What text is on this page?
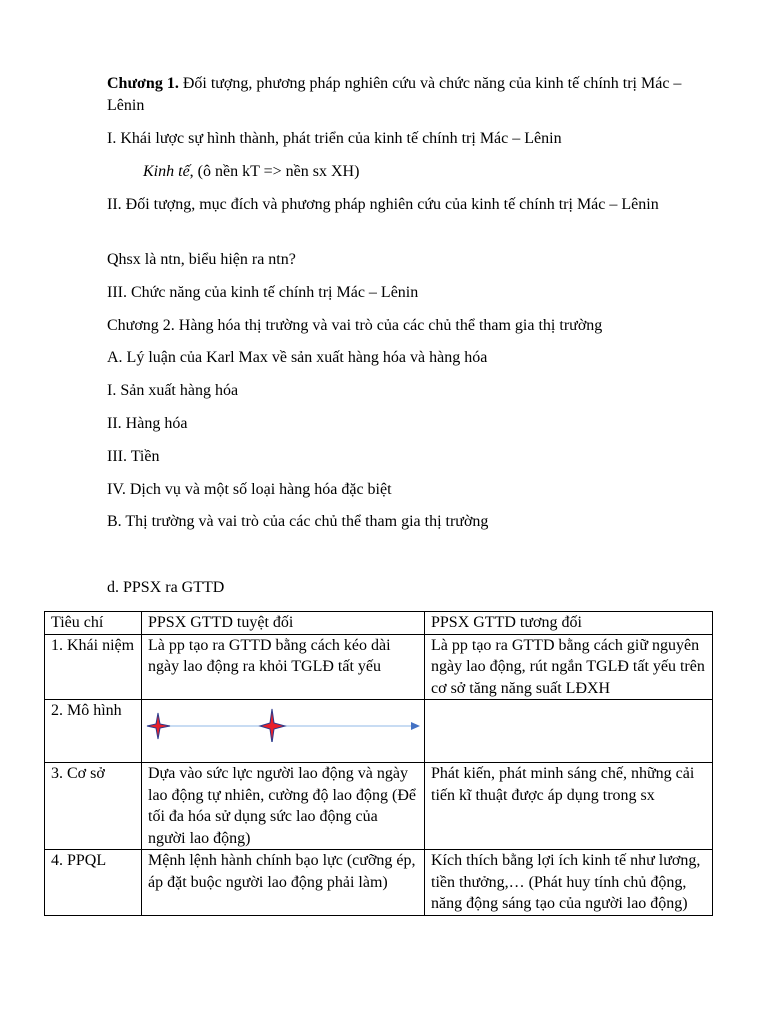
Chương 1. Đối tượng, phương pháp nghiên cứu và chức năng của kinh tế chính trị Mác – Lênin

I. Khái lược sự hình thành, phát triển của kinh tế chính trị Mác – Lênin

Kinh tế, (ô nền kT => nền sx XH)

II. Đối tượng, mục đích và phương pháp nghiên cứu của kinh tế chính trị Mác – Lênin

Qhsx là ntn, biểu hiện ra ntn?

III. Chức năng của kinh tế chính trị Mác – Lênin

Chương 2. Hàng hóa thị trường và vai trò của các chủ thể tham gia thị trường

A. Lý luận của Karl Max về sản xuất hàng hóa và hàng hóa

I. Sản xuất hàng hóa

II. Hàng hóa

III. Tiền

IV. Dịch vụ và một số loại hàng hóa đặc biệt

B. Thị trường và vai trò của các chủ thể tham gia thị trường

d. PPSX ra GTTD

Tiêu chí	PPSX GTTD tuyệt đối	PPSX GTTD tương đối
1. Khái niệm	Là pp tạo ra GTTD bằng cách kéo dài ngày lao động ra khỏi TGLĐ tất yếu	Là pp tạo ra GTTD bằng cách giữ nguyên ngày lao động, rút ngắn TGLĐ tất yếu trên cơ sở tăng năng suất LĐXH
2. Mô hình	

3. Cơ sở	Dựa vào sức lực người lao động và ngày lao động tự nhiên, cường độ lao động (Để tối đa hóa sử dụng sức lao động của người lao động)	Phát kiến, phát minh sáng chế, những cải tiến kĩ thuật được áp dụng trong sx
4. PPQL	Mệnh lệnh hành chính bạo lực (cưỡng ép, áp đặt buộc người lao động phải làm)	Kích thích bằng lợi ích kinh tế như lương, tiền thưởng,… (Phát huy tính chủ động, năng động sáng tạo của người lao động)
